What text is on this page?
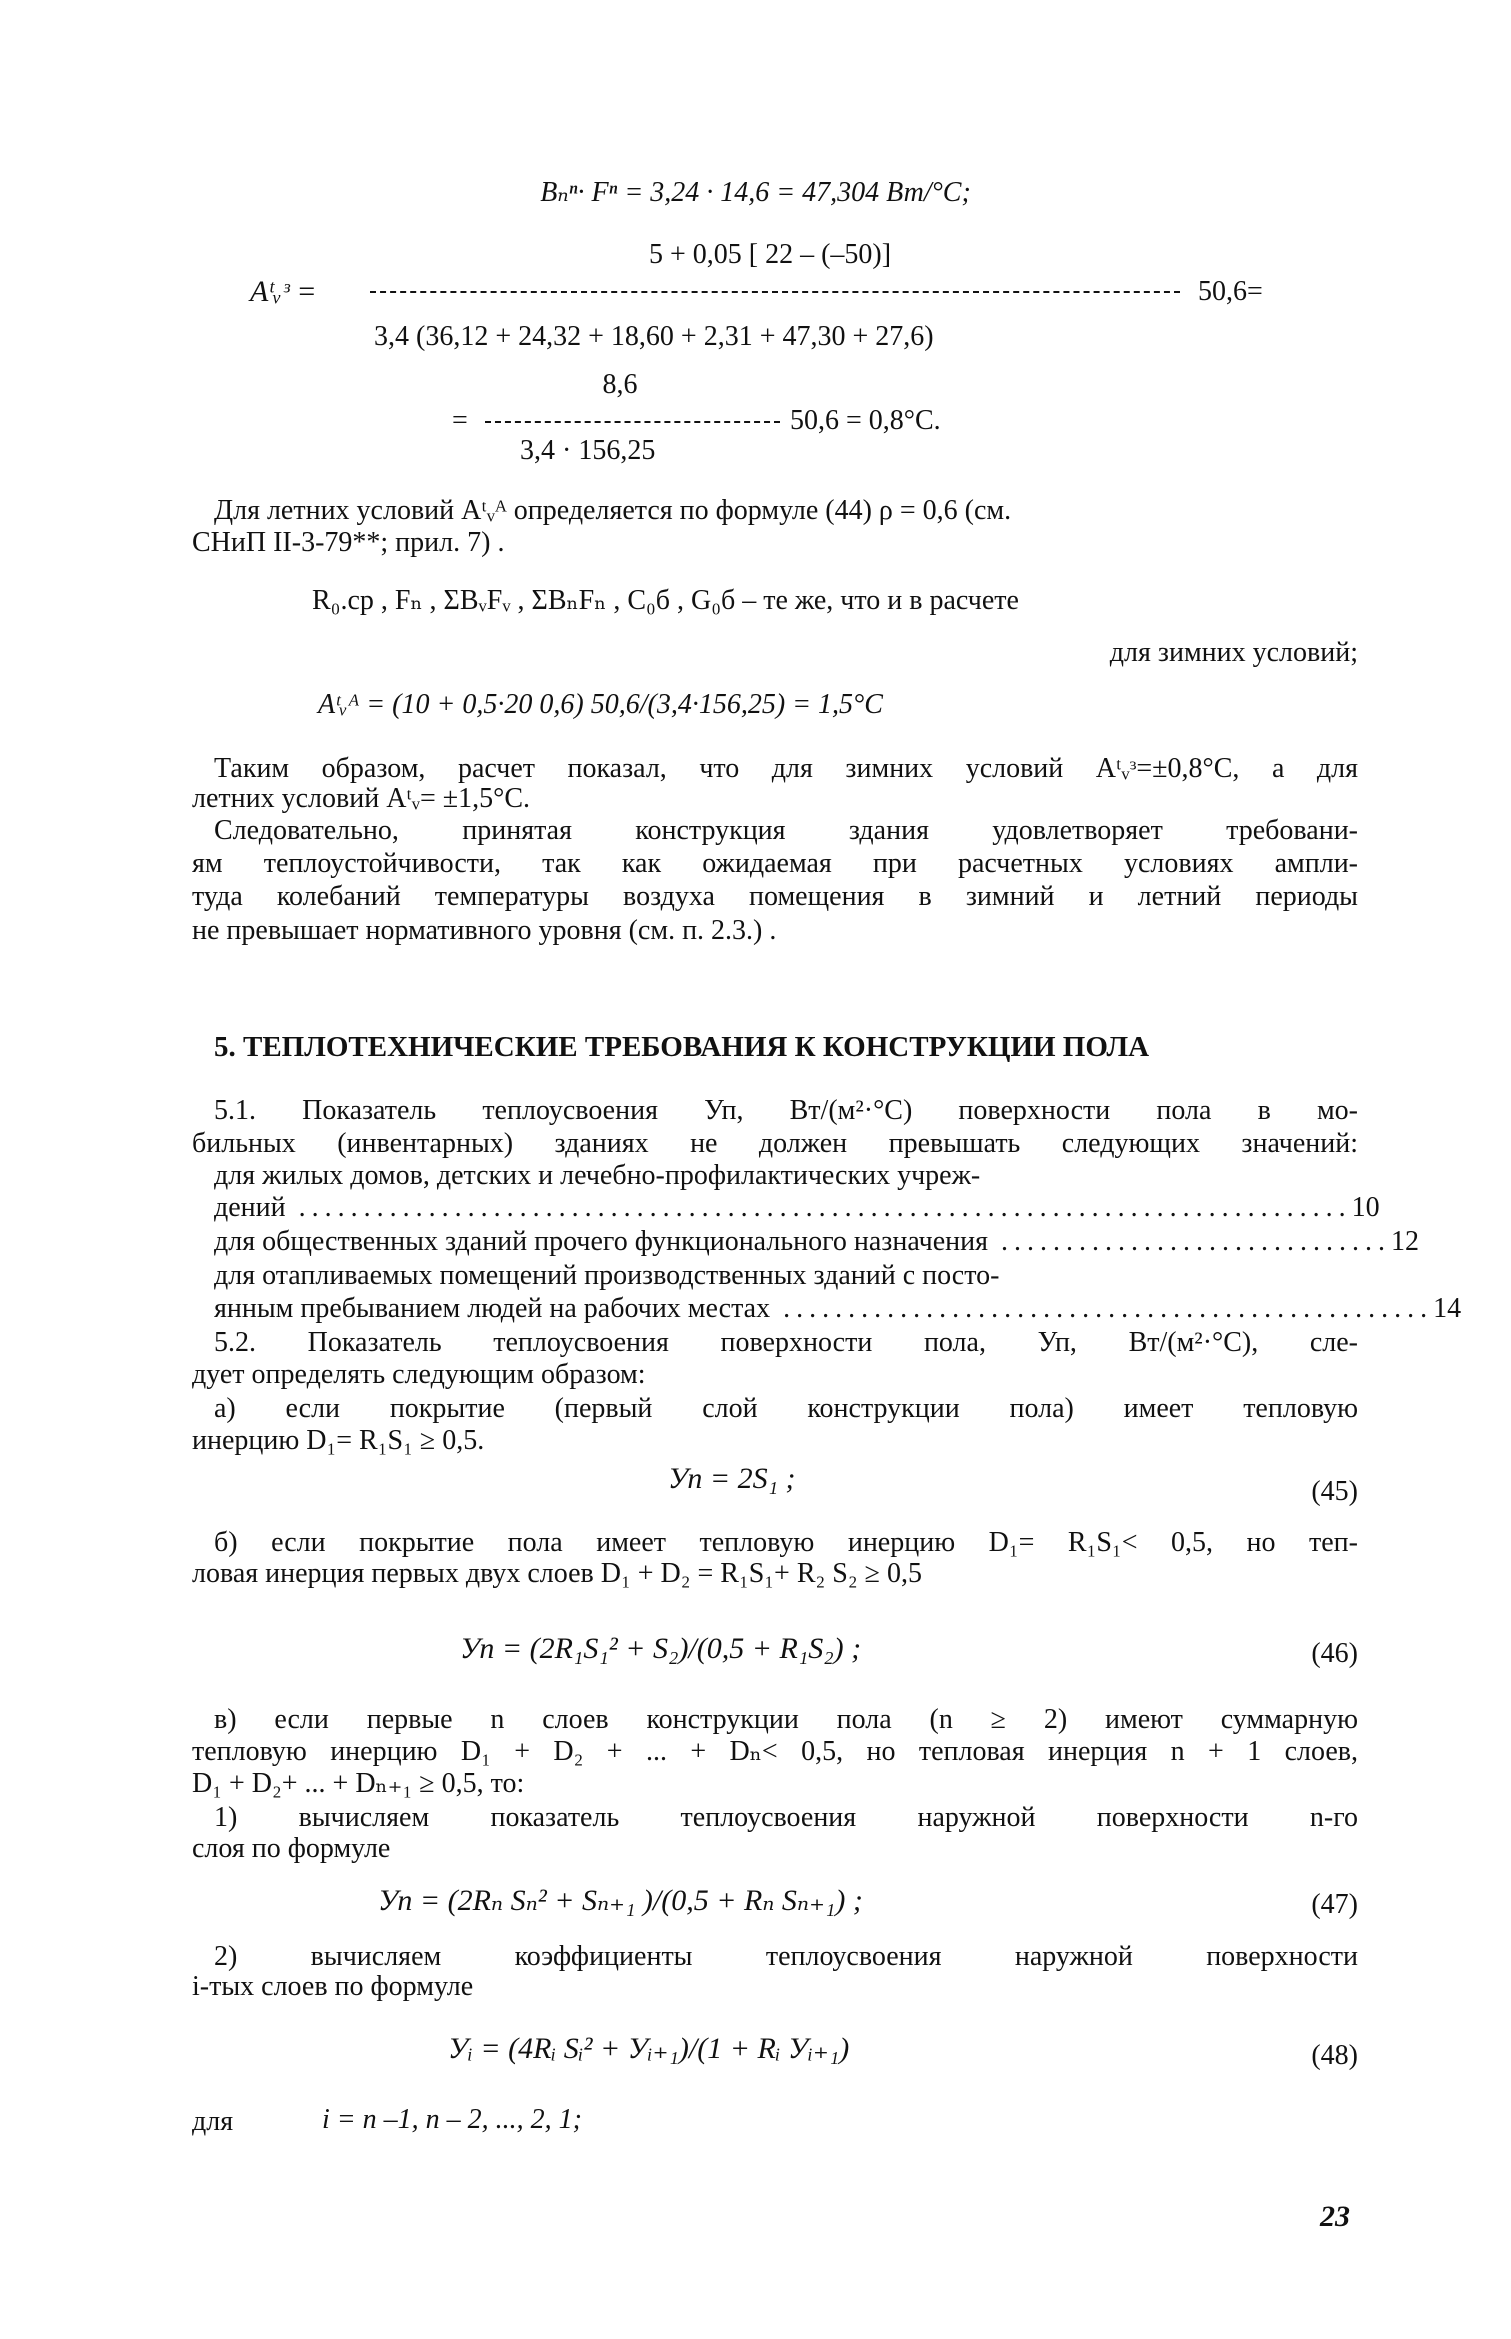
Bₙⁿ· Fⁿ = 3,24 · 14,6 = 47,304 Вт/°С;
Aᵗᵥᶟ =
5 + 0,05 [ 22 – (–50)]
3,4 (36,12 + 24,32 + 18,60 + 2,31 + 47,30 + 27,6)
50,6=
8,6
=
3,4 · 156,25
50,6 = 0,8°С.
Для летних условий Aᵗᵥᴬ определяется по формуле (44) ρ = 0,6 (см.
СНиП II-3-79**; прил. 7) .
R₀.ср , Fₙ , ΣBᵥFᵥ , ΣBₙFₙ , C₀б , G₀б – те же, что и в расчете
для зимних условий;
Aᵗᵥᴬ = (10 + 0,5·20 0,6) 50,6/(3,4·156,25) = 1,5°С
Таким образом, расчет показал, что для зимних условий Aᵗᵥᶟ=±0,8°С, а для
летних условий Aᵗᵥ= ±1,5°С.
Следовательно, принятая конструкция здания удовлетворяет требовани-
ям теплоустойчивости, так как ожидаемая при расчетных условиях ампли-
туда колебаний температуры воздуха помещения в зимний и летний периоды
не превышает нормативного уровня (см. п. 2.3.) .
5. ТЕПЛОТЕХНИЧЕСКИЕ ТРЕБОВАНИЯ К КОНСТРУКЦИИ ПОЛА
5.1. Показатель теплоусвоения Уп, Вт/(м²·°С) поверхности пола в мо-
бильных (инвентарных) зданиях не должен превышать следующих значений:
для жилых домов, детских и лечебно-профилактических учреж-
дений ................................................................................. 10
для общественных зданий прочего функционального назначения .............................. 12
для отапливаемых помещений производственных зданий с посто-
янным пребыванием людей на рабочих местах .................................................. 14
5.2. Показатель теплоусвоения поверхности пола, Уп, Вт/(м²·°С), сле-
дует определять следующим образом:
а) если покрытие (первый слой конструкции пола) имеет тепловую
инерцию D₁= R₁S₁ ≥ 0,5.
Уп = 2S₁ ;	(45)
б) если покрытие пола имеет тепловую инерцию D₁= R₁S₁< 0,5, но теп-
ловая инерция первых двух слоев D₁ + D₂ = R₁S₁+ R₂ S₂ ≥ 0,5
Уп = (2R₁S₁² + S₂)/(0,5 + R₁S₂) ;	(46)
в) если первые n слоев конструкции пола (n ≥ 2) имеют суммарную
тепловую инерцию D₁ + D₂ + ... + Dₙ< 0,5, но тепловая инерция n + 1 слоев,
D₁ + D₂+ ... + Dₙ₊₁ ≥ 0,5, то:
1) вычисляем показатель теплоусвоения наружной поверхности n-го
слоя по формуле
Уп = (2Rₙ Sₙ² + Sₙ₊₁ )/(0,5 + Rₙ Sₙ₊₁) ;	(47)
2) вычисляем коэффициенты теплоусвоения наружной поверхности
i-тых слоев по формуле
Уᵢ = (4Rᵢ Sᵢ² + Уᵢ₊₁)/(1 + Rᵢ Уᵢ₊₁)	(48)
для	i = n –1, n – 2, ..., 2, 1;
23
